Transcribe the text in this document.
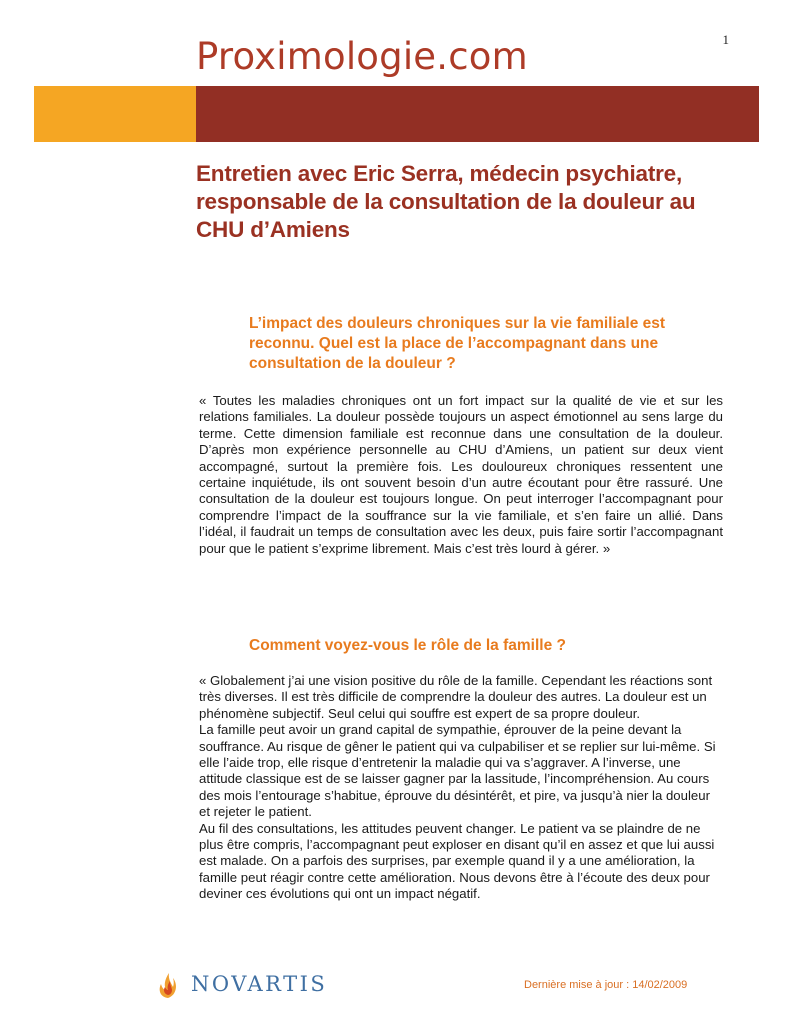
1
Proximologie.com
Entretien avec Eric Serra, médecin psychiatre, responsable de la consultation de la douleur au CHU d’Amiens
L’impact des douleurs chroniques sur la vie familiale est reconnu. Quel est la place de l’accompagnant dans une consultation de la douleur ?

« Toutes les maladies chroniques ont un fort impact sur la qualité de vie et sur les relations familiales. La douleur possède toujours un aspect émotionnel au sens large du terme. Cette dimension familiale est reconnue dans une consultation de la douleur. D’après mon expérience personnelle au CHU d’Amiens, un patient sur deux vient accompagné, surtout la première fois. Les douloureux chroniques ressentent une certaine inquiétude, ils ont souvent besoin d’un autre écoutant pour être rassuré. Une consultation de la douleur est toujours longue. On peut interroger l’accompagnant pour comprendre l’impact de la souffrance sur la vie familiale, et s’en faire un allié. Dans l’idéal, il faudrait un temps de consultation avec les deux, puis faire sortir l’accompagnant pour que le patient s’exprime librement. Mais c’est très lourd à gérer. »

Comment voyez-vous le rôle de la famille ?

« Globalement j’ai une vision positive du rôle de la famille. Cependant les réactions sont très diverses. Il est très difficile de comprendre la douleur des autres. La douleur est un phénomène subjectif. Seul celui qui souffre est expert de sa propre douleur.

La famille peut avoir un grand capital de sympathie, éprouver de la peine devant la souffrance. Au risque de gêner le patient qui va culpabiliser et se replier sur lui-même. Si elle l’aide trop, elle risque d’entretenir la maladie qui va s’aggraver. A l’inverse, une attitude classique est de se laisser gagner par la lassitude, l’incompréhension. Au cours des mois l’entourage s’habitue, éprouve du désintérêt, et pire, va jusqu’à nier la douleur et rejeter le patient.

Au fil des consultations, les attitudes peuvent changer. Le patient va se plaindre de ne plus être compris, l’accompagnant peut exploser en disant qu’il en assez et que lui aussi est malade. On a parfois des surprises, par exemple quand il y a une amélioration, la famille peut réagir contre cette amélioration. Nous devons être à l’écoute des deux pour deviner ces évolutions qui ont un impact négatif.

NOVARTIS	Dernière mise à jour : 14/02/2009
